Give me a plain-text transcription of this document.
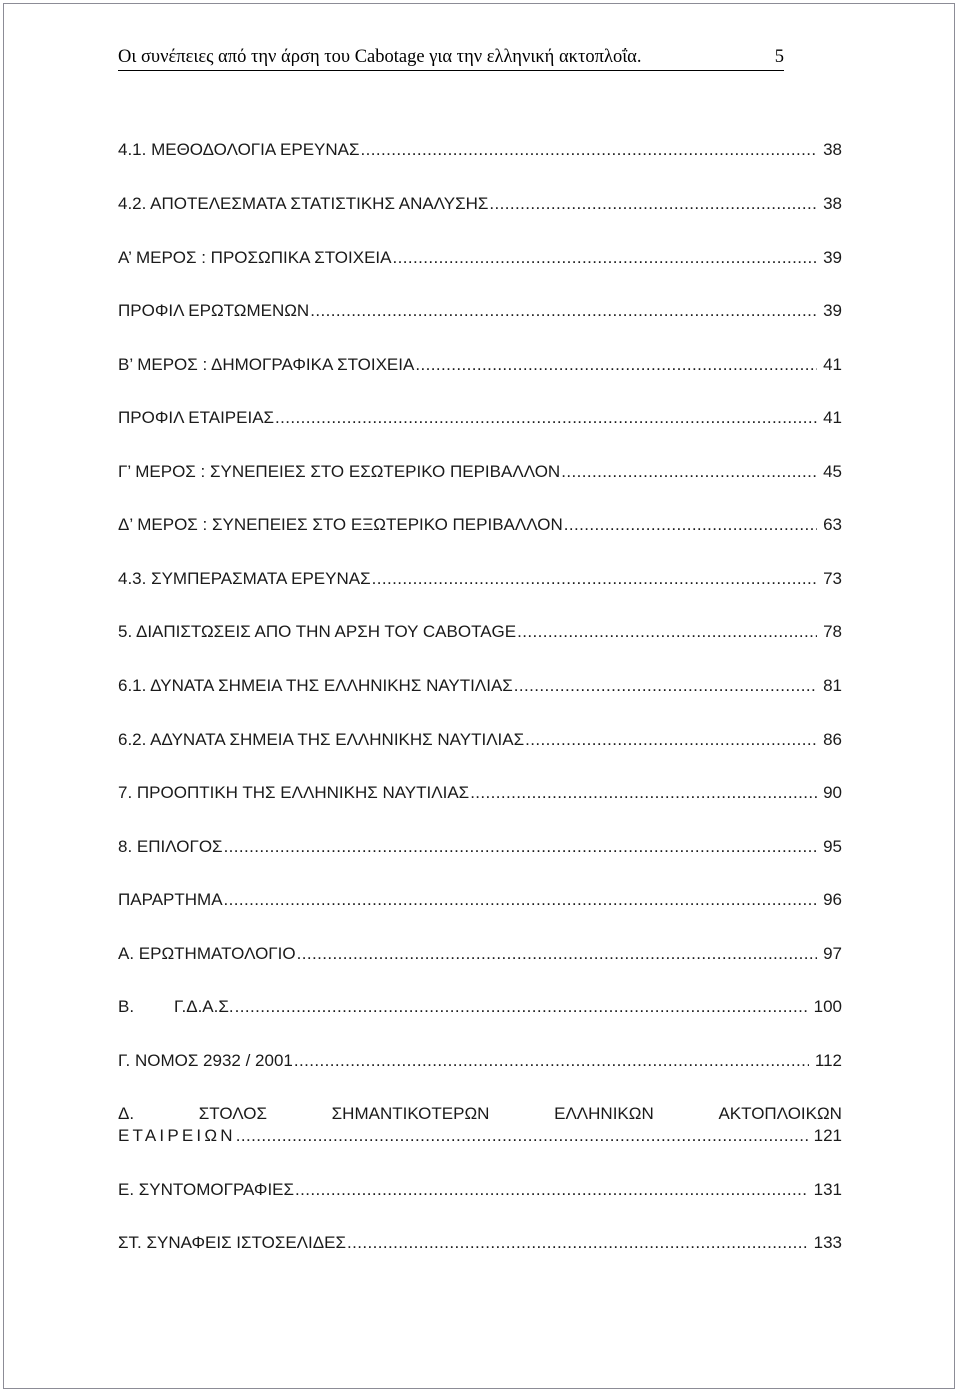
Οι συνέπειες από την άρση του Cabotage για την ελληνική ακτοπλοΐα.	5
4.1. ΜΕΘΟΔΟΛΟΓΙΑ ΕΡΕΥΝΑΣ .....	38
4.2. ΑΠΟΤΕΛΕΣΜΑΤΑ ΣΤΑΤΙΣΤΙΚΗΣ ΑΝΑΛΥΣΗΣ .....	38
Α’ ΜΕΡΟΣ : ΠΡΟΣΩΠΙΚΑ ΣΤΟΙΧΕΙΑ .....	39
ΠΡΟΦΙΛ ΕΡΩΤΩΜΕΝΩΝ .....	39
Β’ ΜΕΡΟΣ : ΔΗΜΟΓΡΑΦΙΚΑ ΣΤΟΙΧΕΙΑ .....	41
ΠΡΟΦΙΛ ΕΤΑΙΡΕΙΑΣ .....	41
Γ’ ΜΕΡΟΣ : ΣΥΝΕΠΕΙΕΣ ΣΤΟ ΕΣΩΤΕΡΙΚΟ ΠΕΡΙΒΑΛΛΟΝ .....	45
Δ’ ΜΕΡΟΣ : ΣΥΝΕΠΕΙΕΣ ΣΤΟ ΕΞΩΤΕΡΙΚΟ ΠΕΡΙΒΑΛΛΟΝ .....	63
4.3. ΣΥΜΠΕΡΑΣΜΑΤΑ ΕΡΕΥΝΑΣ .....	73
5. ΔΙΑΠΙΣΤΩΣΕΙΣ ΑΠΟ ΤΗΝ ΑΡΣΗ ΤΟΥ CABOTAGE .....	78
6.1. ΔΥΝΑΤΑ ΣΗΜΕΙΑ ΤΗΣ ΕΛΛΗΝΙΚΗΣ ΝΑΥΤΙΛΙΑΣ .....	81
6.2. ΑΔΥΝΑΤΑ ΣΗΜΕΙΑ ΤΗΣ ΕΛΛΗΝΙΚΗΣ ΝΑΥΤΙΛΙΑΣ .....	86
7. ΠΡΟΟΠΤΙΚΗ ΤΗΣ ΕΛΛΗΝΙΚΗΣ ΝΑΥΤΙΛΙΑΣ .....	90
8. ΕΠΙΛΟΓΟΣ .....	95
ΠΑΡΑΡΤΗΜΑ .....	96
Α. ΕΡΩΤΗΜΑΤΟΛΟΓΙΟ .....	97
Β. Γ.Δ.Α.Σ. .....	100
Γ. ΝΟΜΟΣ 2932 / 2001 .....	112
Δ.	ΣΤΟΛΟΣ	ΣΗΜΑΝΤΙΚΟΤΕΡΩΝ	ΕΛΛΗΝΙΚΩΝ	ΑΚΤΟΠΛΟΙΚΩΝ
ΕΤΑΙΡΕΙΩΝ .....	121
Ε. ΣΥΝΤΟΜΟΓΡΑΦΙΕΣ .....	131
ΣΤ. ΣΥΝΑΦΕΙΣ ΙΣΤΟΣΕΛΙΔΕΣ .....	133
